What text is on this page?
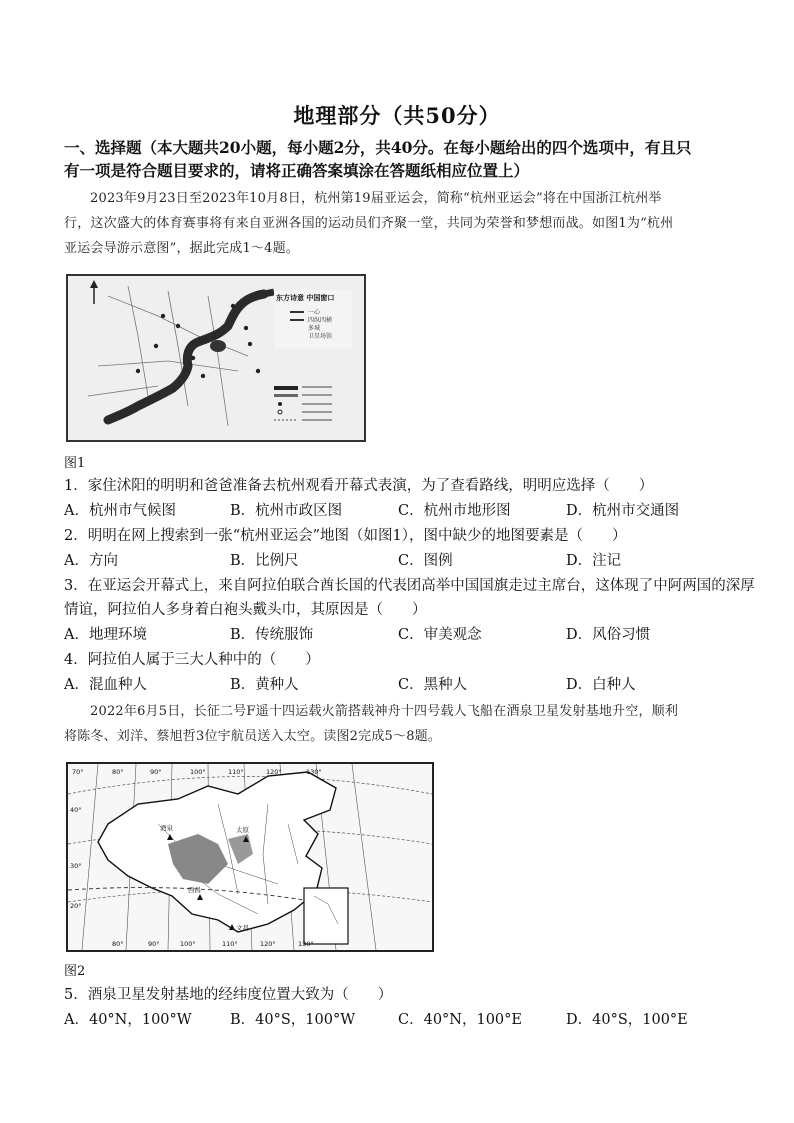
地理部分（共50分）
一、选择题（本大题共20小题，每小题2分，共40分。在每小题给出的四个选项中，有且只
有一项是符合题目要求的，请将正确答案填涂在答题纸相应位置上）
2023年9月23日至2023年10月8日，杭州第19届亚运会，简称“杭州亚运会”将在中国浙江杭州举
行，这次盛大的体育赛事将有来自亚洲各国的运动员们齐聚一堂，共同为荣誉和梦想而战。如图1为“杭州
亚运会导游示意图”，据此完成1～4题。
东方诗意 中国窗口
一心
四纵四横
多城
卫星场馆
图1
1．家住沭阳的明明和爸爸准备去杭州观看开幕式表演，为了查看路线，明明应选择（　　）
A．杭州市气候图	B．杭州市政区图	C．杭州市地形图	D．杭州市交通图
2．明明在网上搜索到一张“杭州亚运会”地图（如图1），图中缺少的地图要素是（　　）
A．方向	B．比例尺	C．图例	D．注记
3．在亚运会开幕式上，来自阿拉伯联合酋长国的代表团高举中国国旗走过主席台，这体现了中阿两国的深厚
情谊，阿拉伯人多身着白袍头戴头巾，其原因是（　　）
A．地理环境	B．传统服饰	C．审美观念	D．风俗习惯
4．阿拉伯人属于三大人种中的（　　）
A．混血种人	B．黄种人	C．黑种人	D．白种人
2022年6月5日，长征二号F遥十四运载火箭搭载神舟十四号载人飞船在酒泉卫星发射基地升空，顺利
将陈冬、刘洋、蔡旭哲3位宇航员送入太空。读图2完成5～8题。
70°	80°	90°	100°	110°	120°	130°
40°
30°
20°
80°	90°	100°	110°	120°	130°
酒泉
西昌
太原
文昌
图2
5．酒泉卫星发射基地的经纬度位置大致为（　　）
A．40°N，100°W	B．40°S，100°W	C．40°N，100°E	D．40°S，100°E
